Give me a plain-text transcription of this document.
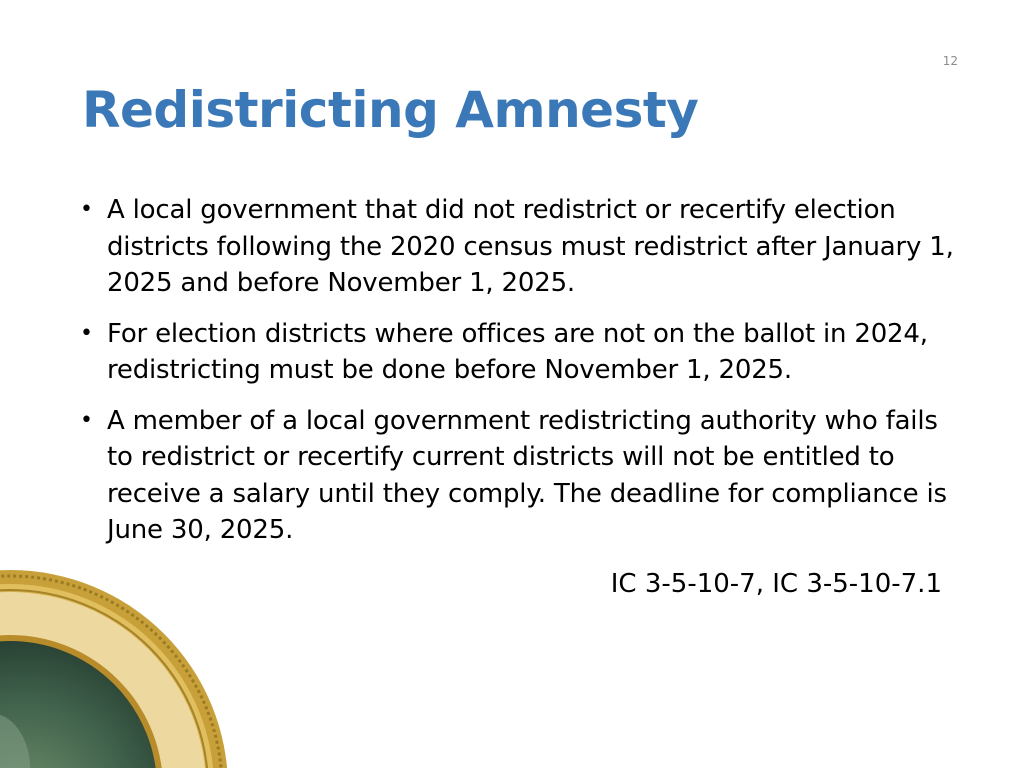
12
Redistricting Amnesty
• A local government that did not redistrict or recertify election districts following the 2020 census must redistrict after January 1, 2025 and before November 1, 2025.
• For election districts where offices are not on the ballot in 2024, redistricting must be done before November 1, 2025.
• A member of a local government redistricting authority who fails to redistrict or recertify current districts will not be entitled to receive a salary until they comply. The deadline for compliance is June 30, 2025.
IC 3-5-10-7, IC 3-5-10-7.1
